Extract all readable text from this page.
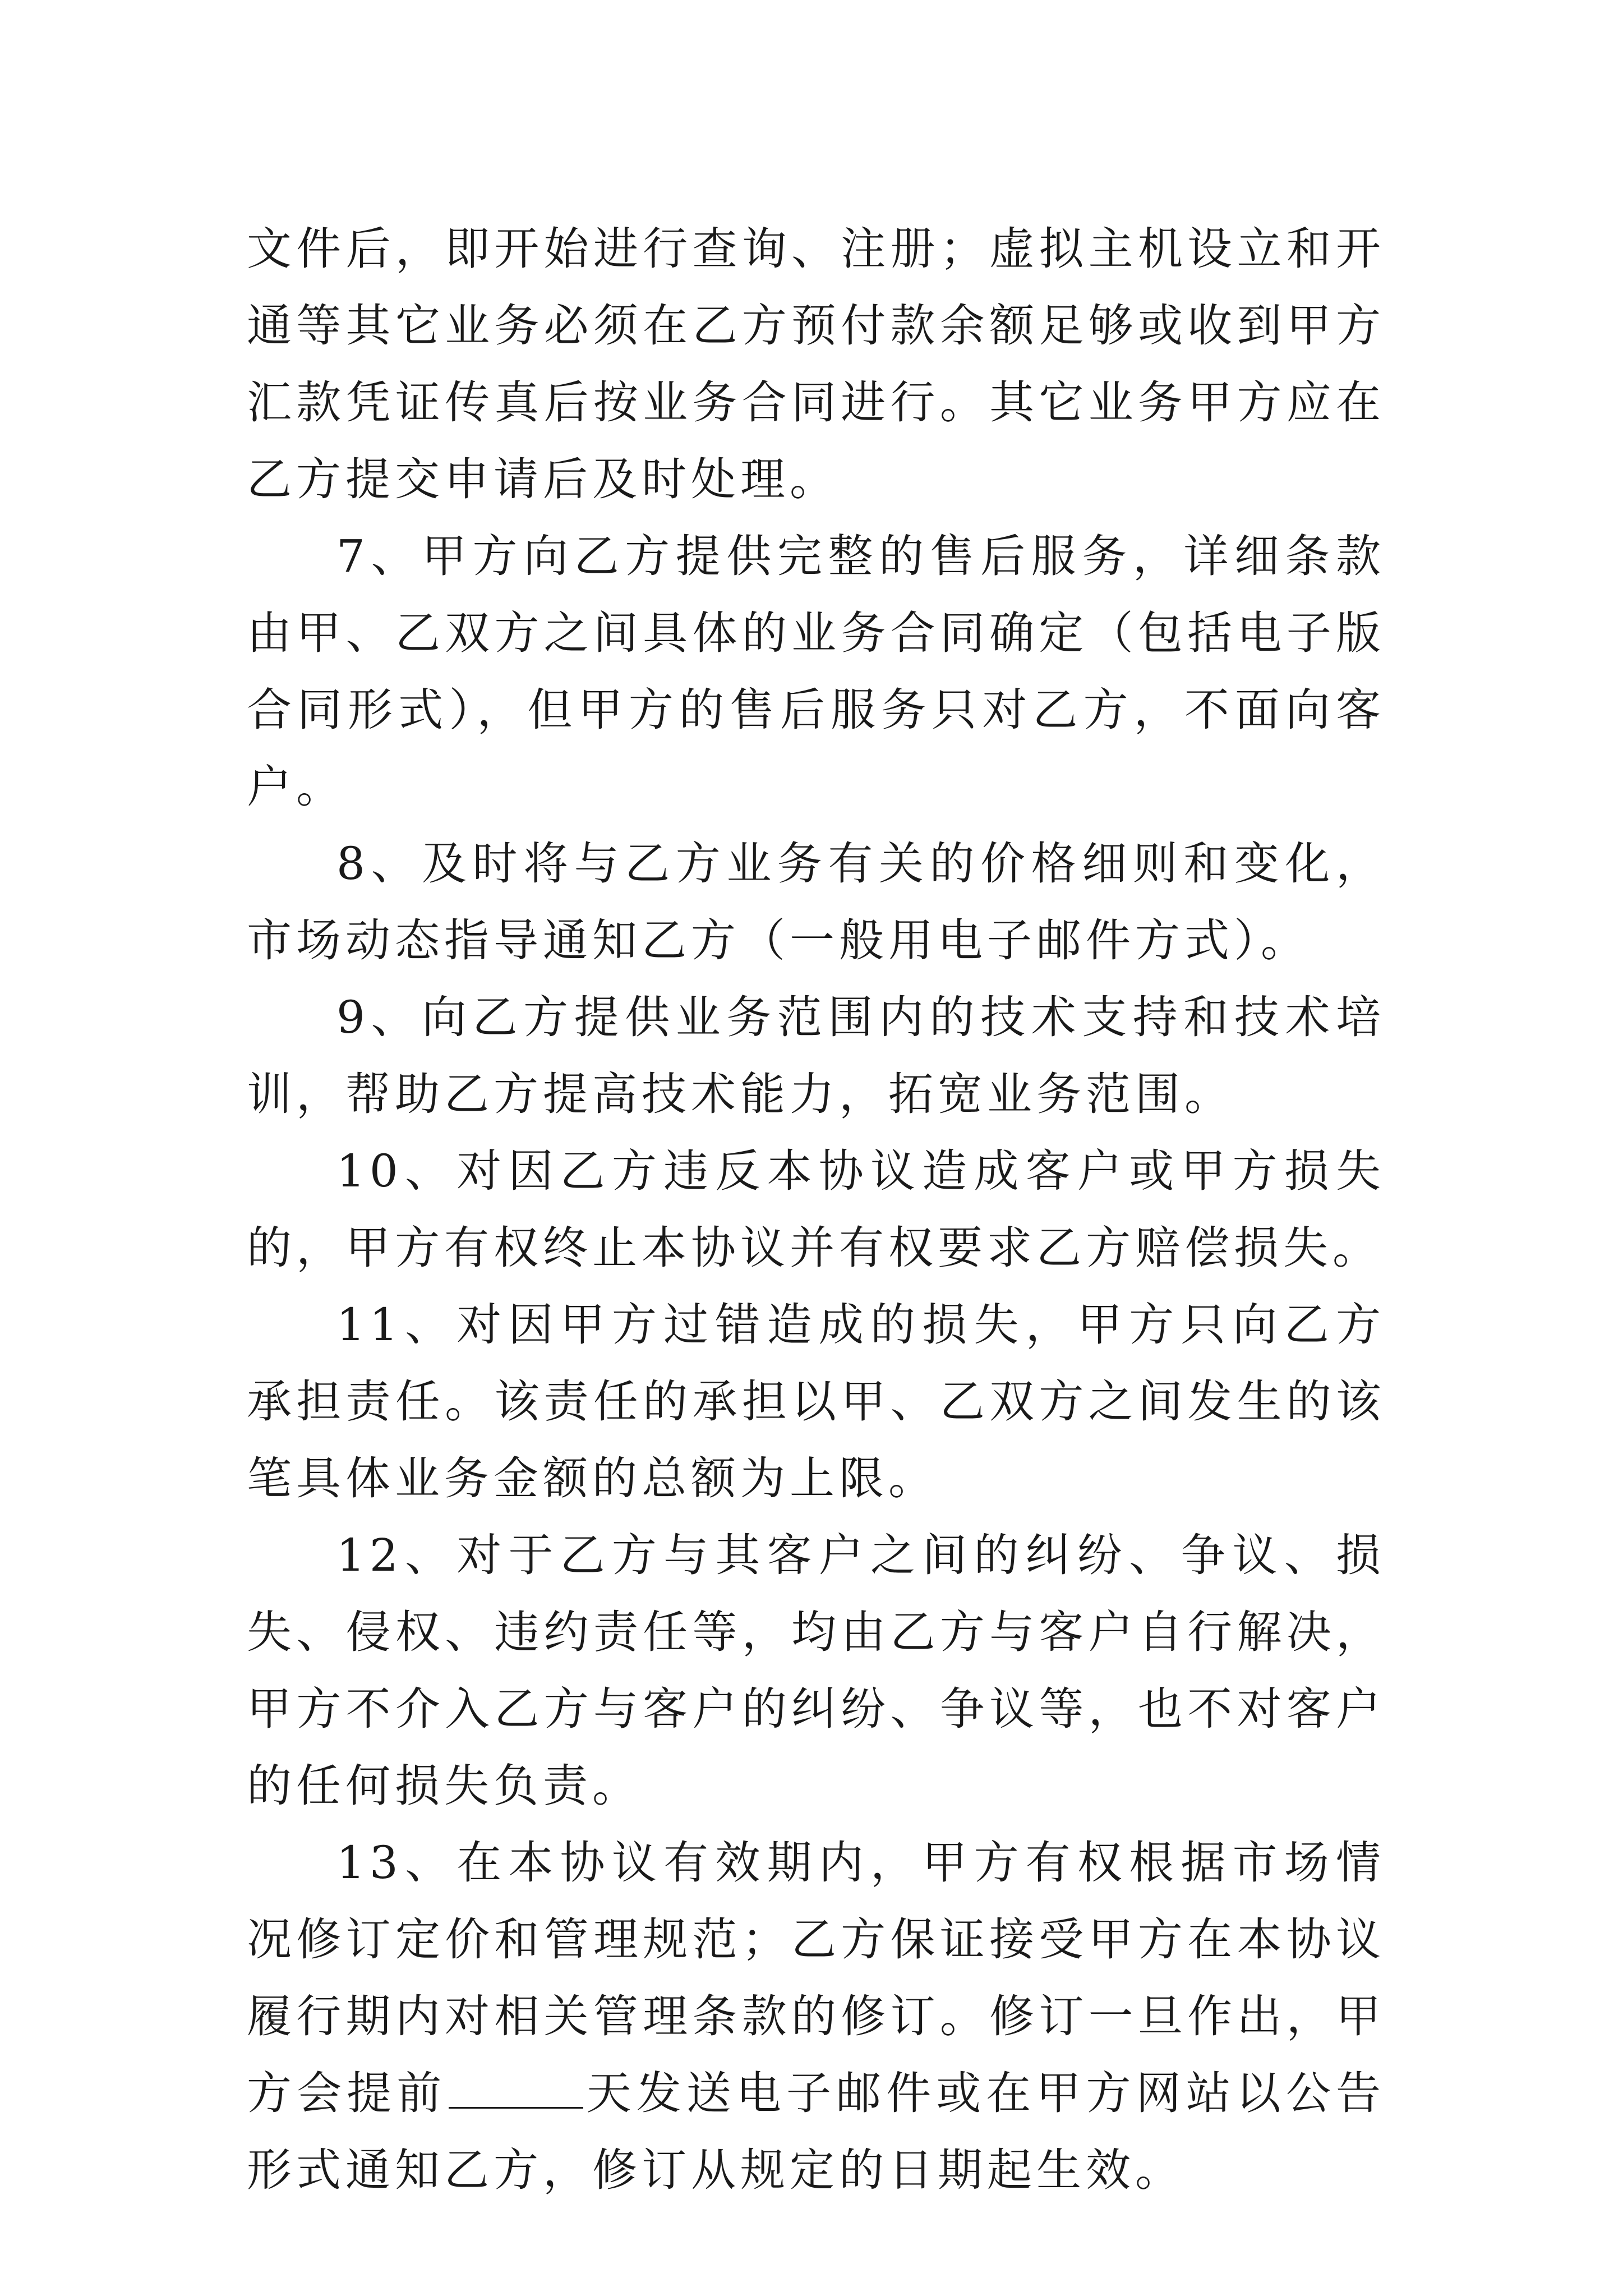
文件后，即开始进行查询、注册；虚拟主机设立和开通等其它业务必须在乙方预付款余额足够或收到甲方汇款凭证传真后按业务合同进行。其它业务甲方应在乙方提交申请后及时处理。

7、甲方向乙方提供完整的售后服务，详细条款由甲、乙双方之间具体的业务合同确定（包括电子版合同形式），但甲方的售后服务只对乙方，不面向客户。

8、及时将与乙方业务有关的价格细则和变化，市场动态指导通知乙方（一般用电子邮件方式）。

9、向乙方提供业务范围内的技术支持和技术培训，帮助乙方提高技术能力，拓宽业务范围。

10、对因乙方违反本协议造成客户或甲方损失的，甲方有权终止本协议并有权要求乙方赔偿损失。

11、对因甲方过错造成的损失，甲方只向乙方承担责任。该责任的承担以甲、乙双方之间发生的该笔具体业务金额的总额为上限。

12、对于乙方与其客户之间的纠纷、争议、损失、侵权、违约责任等，均由乙方与客户自行解决，甲方不介入乙方与客户的纠纷、争议等，也不对客户的任何损失负责。

13、在本协议有效期内，甲方有权根据市场情况修订定价和管理规范；乙方保证接受甲方在本协议履行期内对相关管理条款的修订。修订一旦作出，甲方会提前	天发送电子邮件或在甲方网站以公告形式通知乙方，修订从规定的日期起生效。
